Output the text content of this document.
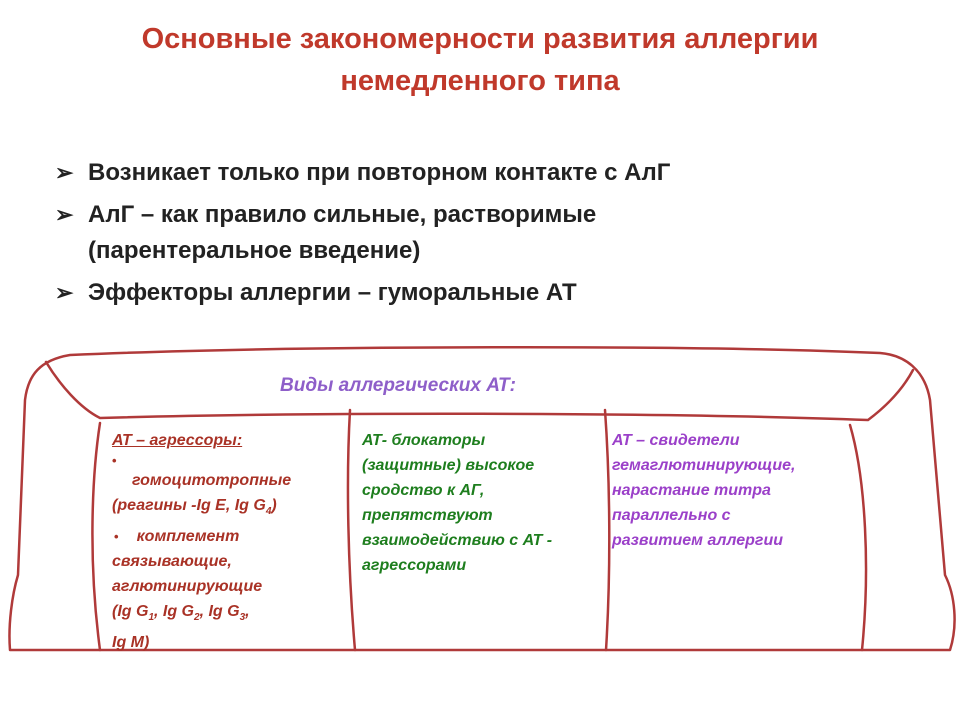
Основные закономерности развития аллергии
немедленного типа
➢ Возникает только при повторном контакте с АлГ
➢ АлГ – как правило сильные, растворимые
(парентеральное введение)
➢ Эффекторы аллергии – гуморальные АТ
Виды аллергических АТ:
АТ – агрессоры:
•
гомоцитотропные
(реагины -Ig E, Ig $G_4$)
• комплемент
связывающие,
аглютинирующие
(Ig $G_1$, Ig $G_2$, Ig $G_3$,
Ig M)
АТ- блокаторы
(защитные) высокое
сродство к АГ,
препятствуют
взаимодействию с АТ -
агрессорами
АТ – свидетели
гемаглютинирующие,
нарастание титра
параллельно с
развитием аллергии
